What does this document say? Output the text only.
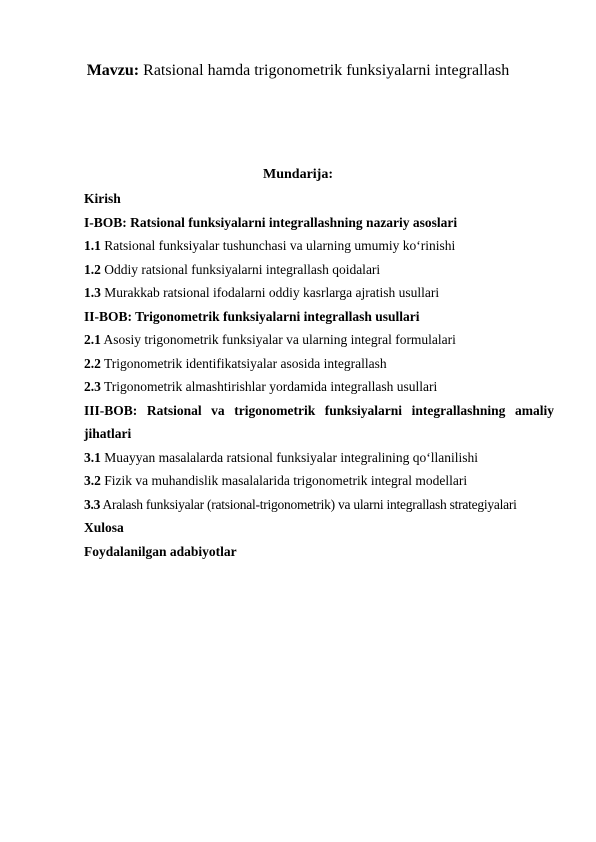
Mavzu: Ratsional hamda trigonometrik funksiyalarni integrallash
Mundarija:
Kirish
I-BOB: Ratsional funksiyalarni integrallashning nazariy asoslari
1.1 Ratsional funksiyalar tushunchasi va ularning umumiy ko‘rinishi
1.2 Oddiy ratsional funksiyalarni integrallash qoidalari
1.3 Murakkab ratsional ifodalarni oddiy kasrlarga ajratish usullari
II-BOB: Trigonometrik funksiyalarni integrallash usullari
2.1 Asosiy trigonometrik funksiyalar va ularning integral formulalari
2.2 Trigonometrik identifikatsiyalar asosida integrallash
2.3 Trigonometrik almashtirishlar yordamida integrallash usullari
III-BOB: Ratsional va trigonometrik funksiyalarni integrallashning amaliy
jihatlari
3.1 Muayyan masalalarda ratsional funksiyalar integralining qo‘llanilishi
3.2 Fizik va muhandislik masalalarida trigonometrik integral modellari
3.3 Aralash funksiyalar (ratsional-trigonometrik) va ularni integrallash strategiyalari
Xulosa
Foydalanilgan adabiyotlar
